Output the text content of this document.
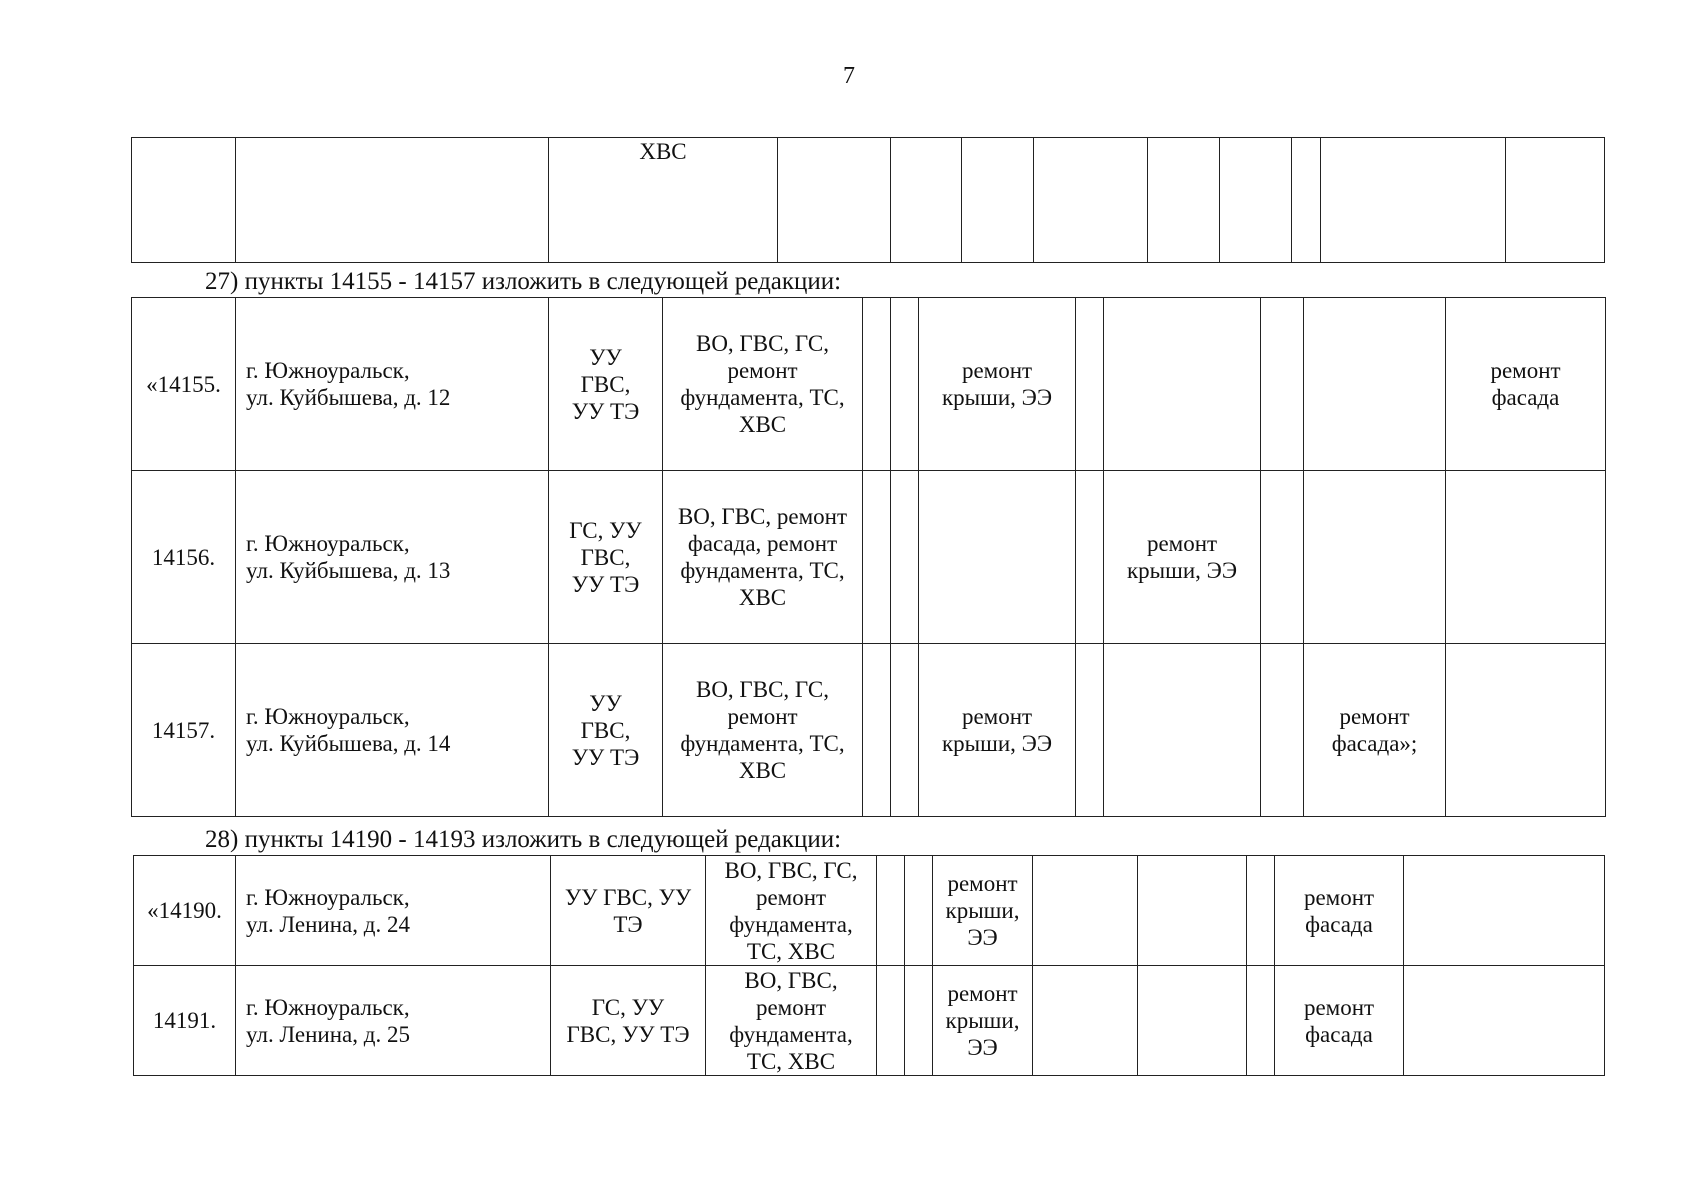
7
		ХВС									
27) пункты 14155 - 14157 изложить в следующей редакции:
«14155.	г. Южноуральск,
ул. Куйбышева, д. 12	УУ
ГВС,
УУ ТЭ	ВО, ГВС, ГС,
ремонт
фундамента, ТС,
ХВС			ремонт
крыши, ЭЭ					ремонт
фасада
14156.	г. Южноуральск,
ул. Куйбышева, д. 13	ГС, УУ
ГВС,
УУ ТЭ	ВО, ГВС, ремонт
фасада, ремонт
фундамента, ТС,
ХВС					ремонт
крыши, ЭЭ			
14157.	г. Южноуральск,
ул. Куйбышева, д. 14	УУ
ГВС,
УУ ТЭ	ВО, ГВС, ГС,
ремонт
фундамента, ТС,
ХВС			ремонт
крыши, ЭЭ				ремонт
фасада»;	
28) пункты 14190 - 14193 изложить в следующей редакции:
«14190.	г. Южноуральск,
ул. Ленина, д. 24	УУ ГВС, УУ
ТЭ	ВО, ГВС, ГС,
ремонт
фундамента,
ТС, ХВС			ремонт
крыши,
ЭЭ				ремонт
фасада	
14191.	г. Южноуральск,
ул. Ленина, д. 25	ГС, УУ
ГВС, УУ ТЭ	ВО, ГВС,
ремонт
фундамента,
ТС, ХВС			ремонт
крыши,
ЭЭ				ремонт
фасада	
